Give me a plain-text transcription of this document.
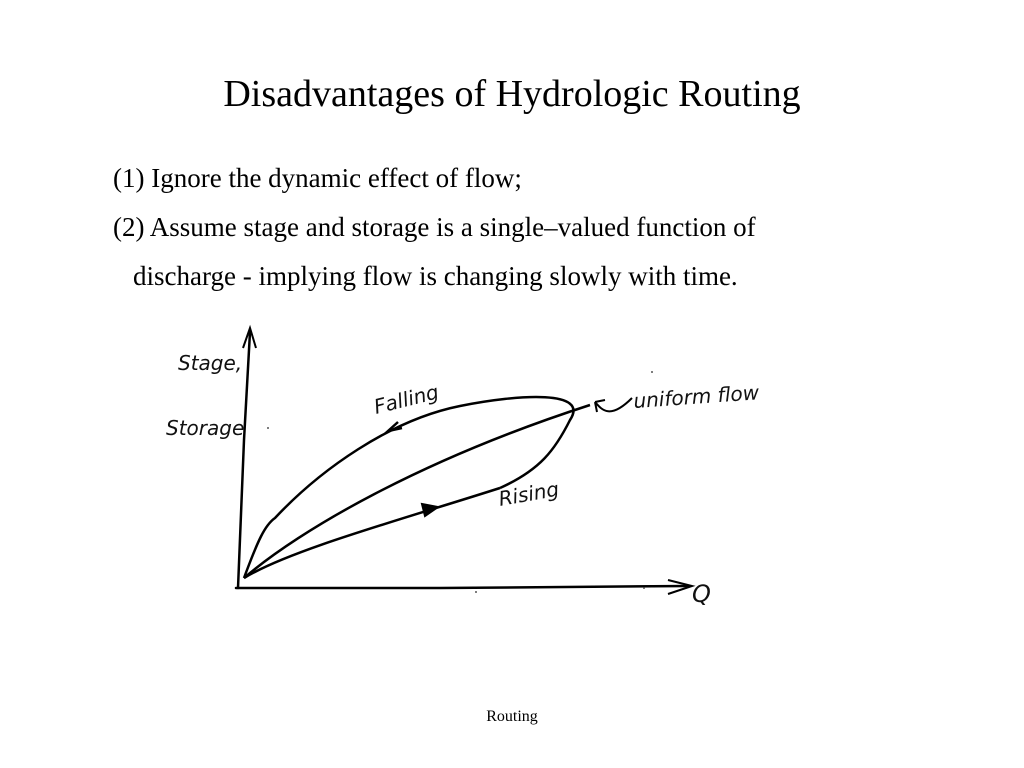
Disadvantages of Hydrologic Routing
(1) Ignore the dynamic effect of flow;
(2) Assume stage and storage is a single–valued function of
discharge - implying flow is changing slowly with time.
Stage,
Storage
Q
Falling
Rising
uniform flow
Routing
